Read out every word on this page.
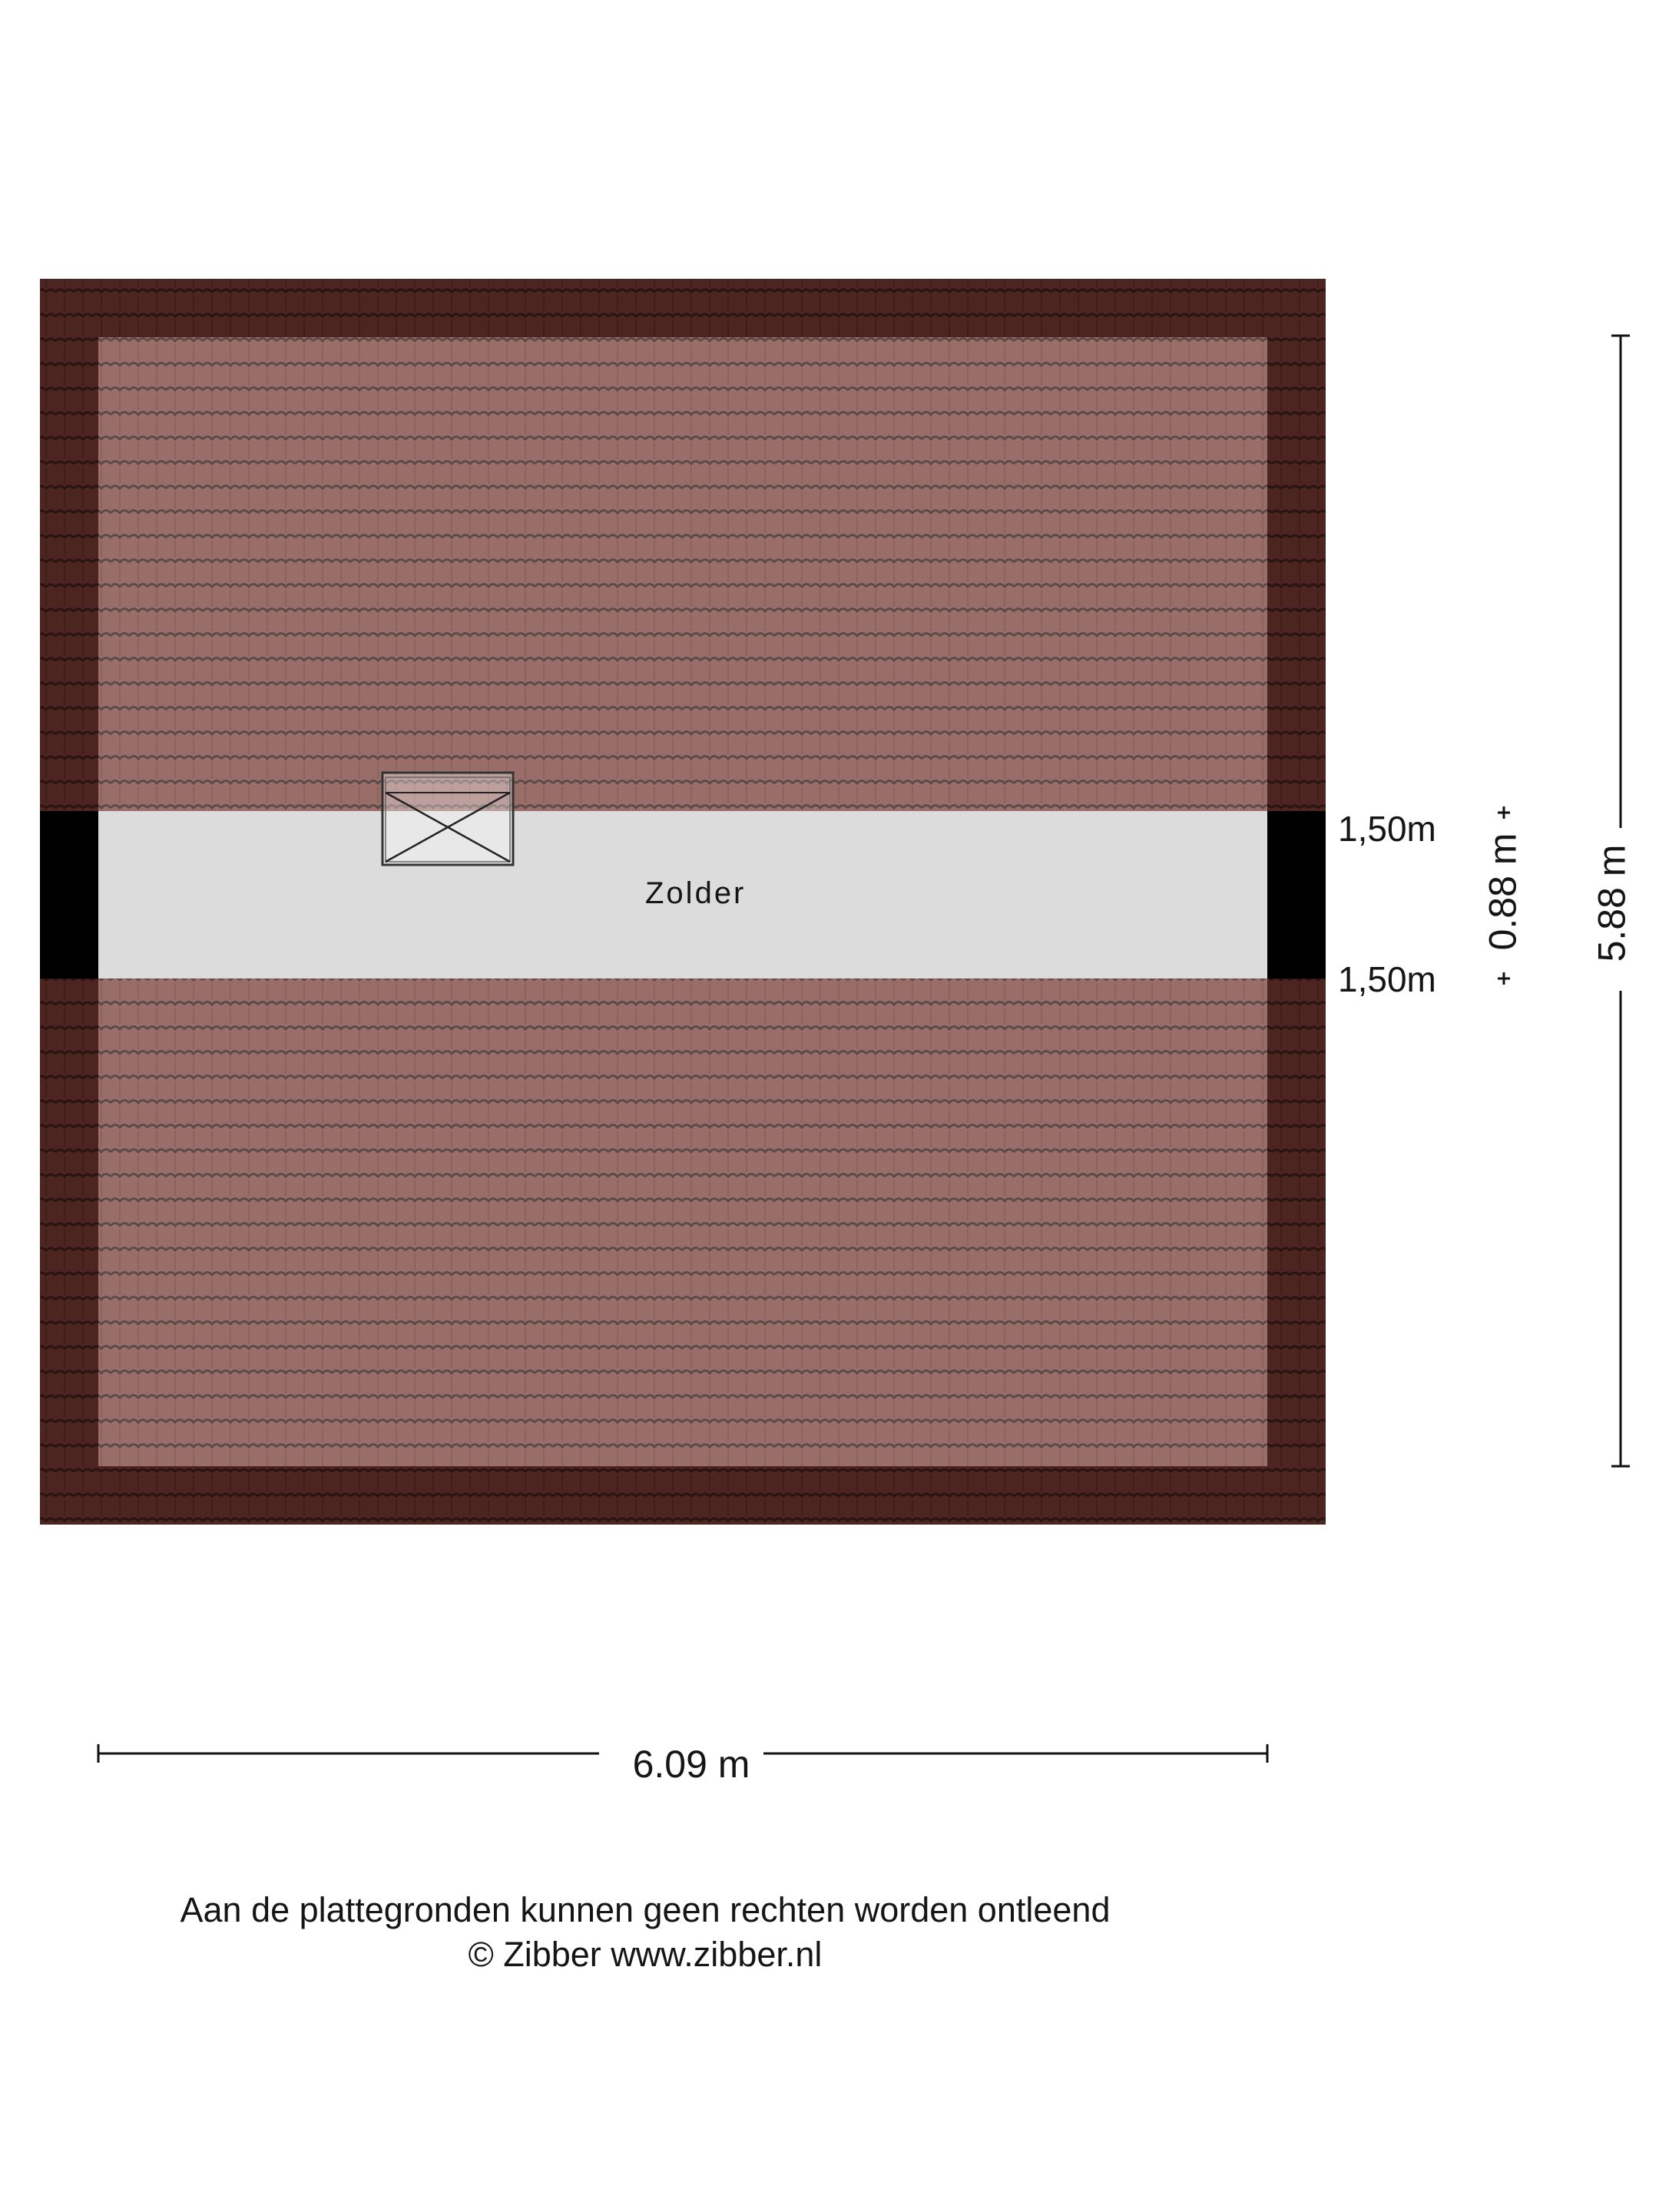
Zolder
1,50m
1,50m
6.09 m
0.88 m 5.88 m
Aan de plattegronden kunnen geen rechten worden ontleend
© Zibber www.zibber.nl
